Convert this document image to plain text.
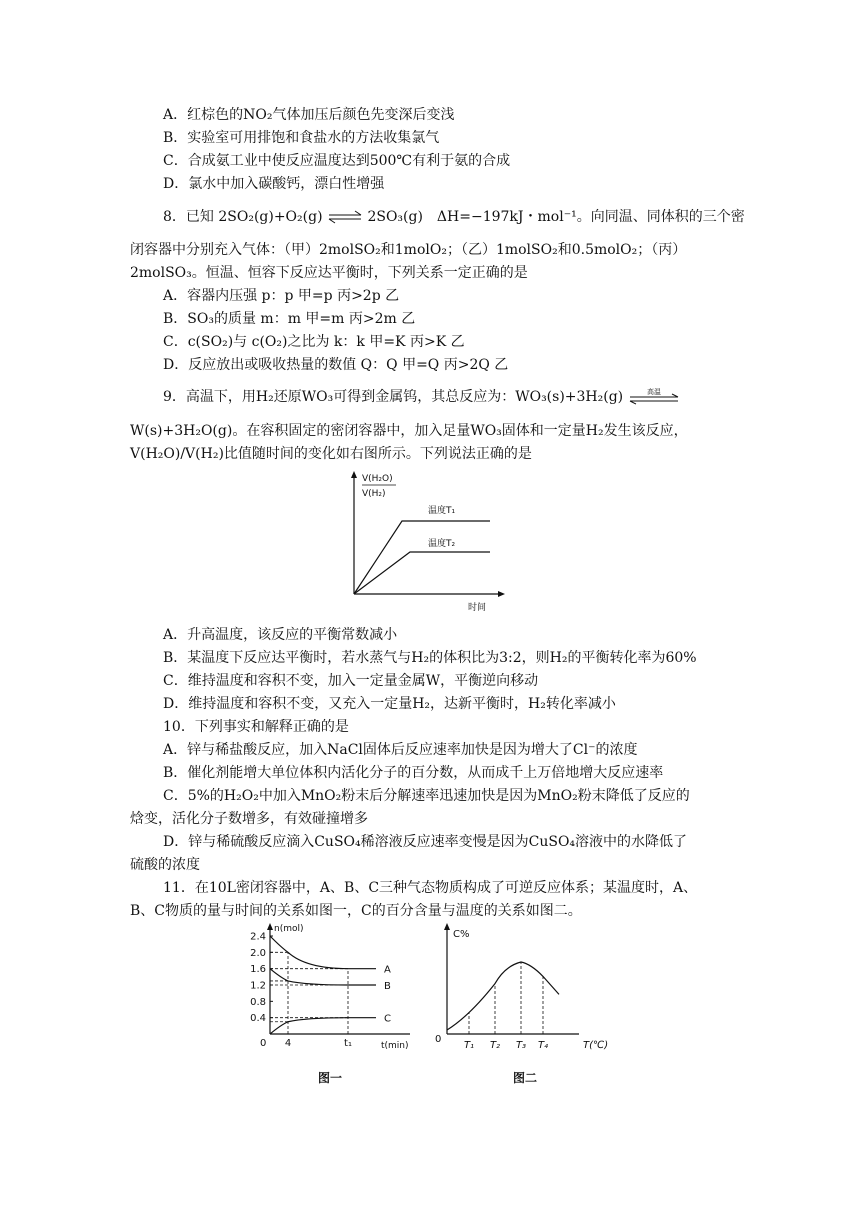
A．红棕色的NO₂气体加压后颜色先变深后变浅
B．实验室可用排饱和食盐水的方法收集氯气
C．合成氨工业中使反应温度达到500℃有利于氨的合成
D．氯水中加入碳酸钙，漂白性增强
8．已知 2SO₂(g)+O₂(g) ⇌ 2SO₃(g)　ΔH=−197kJ・mol⁻¹。向同温、同体积的三个密
闭容器中分别充入气体：（甲）2molSO₂和1molO₂；（乙）1molSO₂和0.5molO₂；（丙）
2molSO₃。恒温、恒容下反应达平衡时，下列关系一定正确的是
A．容器内压强 p：p 甲=p 丙>2p 乙
B．SO₃的质量 m：m 甲=m 丙>2m 乙
C．c(SO₂)与 c(O₂)之比为 k：k 甲=K 丙>K 乙
D．反应放出或吸收热量的数值 Q：Q 甲=Q 丙>2Q 乙
9．高温下，用H₂还原WO₃可得到金属钨，其总反应为：WO₃(s)+3H₂(g)	高温
W(s)+3H₂O(g)。在容积固定的密闭容器中，加入足量WO₃固体和一定量H₂发生该反应，
V(H₂O)/V(H₂)比值随时间的变化如右图所示。下列说法正确的是
V(H₂O)
V(H₂)
温度T₁
温度T₂
时间
A．升高温度，该反应的平衡常数减小
B．某温度下反应达平衡时，若水蒸气与H₂的体积比为3:2，则H₂的平衡转化率为60%
C．维持温度和容积不变，加入一定量金属W，平衡逆向移动
D．维持温度和容积不变，又充入一定量H₂，达新平衡时，H₂转化率减小
10．下列事实和解释正确的是
A．锌与稀盐酸反应，加入NaCl固体后反应速率加快是因为增大了Cl⁻的浓度
B．催化剂能增大单位体积内活化分子的百分数，从而成千上万倍地增大反应速率
C．5%的H₂O₂中加入MnO₂粉末后分解速率迅速加快是因为MnO₂粉末降低了反应的
焓变，活化分子数增多，有效碰撞增多
D．锌与稀硫酸反应滴入CuSO₄稀溶液反应速率变慢是因为CuSO₄溶液中的水降低了
硫酸的浓度
11．在10L密闭容器中，A、B、C三种气态物质构成了可逆反应体系；某温度时，A、
B、C物质的量与时间的关系如图一，C的百分含量与温度的关系如图二。
n(mol)
t(min)
2.4
2.0
1.6
1.2
0.8
0.4
0 4	t₁
A
B
C
图一
C%
T(℃)
0
T₁ T₂ T₃ T₄
图二
